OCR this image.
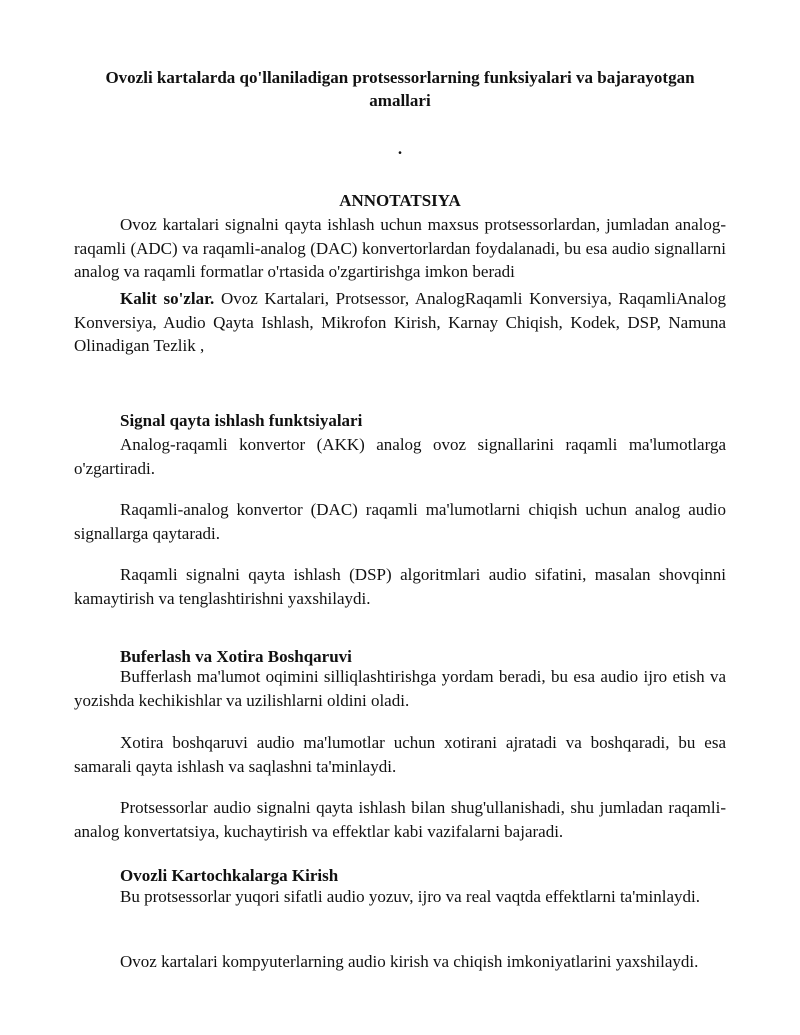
Ovozli kartalarda qo'llaniladigan protsessorlarning funksiyalari va bajarayotgan amallari
.
ANNOTATSIYA

Ovoz kartalari signalni qayta ishlash uchun maxsus protsessorlardan, jumladan analog-raqamli (ADC) va raqamli-analog (DAC) konvertorlardan foydalanadi, bu esa audio signallarni analog va raqamli formatlar o'rtasida o'zgartirishga imkon beradi

Kalit so'zlar. Ovoz Kartalari, Protsessor, AnalogRaqamli Konversiya, RaqamliAnalog Konversiya, Audio Qayta Ishlash, Mikrofon Kirish, Karnay Chiqish, Kodek, DSP, Namuna Olinadigan Tezlik ,

Signal qayta ishlash funktsiyalari

Analog-raqamli konvertor (AKK) analog ovoz signallarini raqamli ma'lumotlarga o'zgartiradi.

Raqamli-analog konvertor (DAC) raqamli ma'lumotlarni chiqish uchun analog audio signallarga qaytaradi.

Raqamli signalni qayta ishlash (DSP) algoritmlari audio sifatini, masalan shovqinni kamaytirish va tenglashtirishni yaxshilaydi.

Buferlash va Xotira Boshqaruvi

Bufferlash ma'lumot oqimini silliqlashtirishga yordam beradi, bu esa audio ijro etish va yozishda kechikishlar va uzilishlarni oldini oladi.

Xotira boshqaruvi audio ma'lumotlar uchun xotirani ajratadi va boshqaradi, bu esa samarali qayta ishlash va saqlashni ta'minlaydi.

Protsessorlar audio signalni qayta ishlash bilan shug'ullanishadi, shu jumladan raqamli-analog konvertatsiya, kuchaytirish va effektlar kabi vazifalarni bajaradi.

Ovozli Kartochkalarga Kirish

Bu protsessorlar yuqori sifatli audio yozuv, ijro va real vaqtda effektlarni ta'minlaydi.

Ovoz kartalari kompyuterlarning audio kirish va chiqish imkoniyatlarini yaxshilaydi.
